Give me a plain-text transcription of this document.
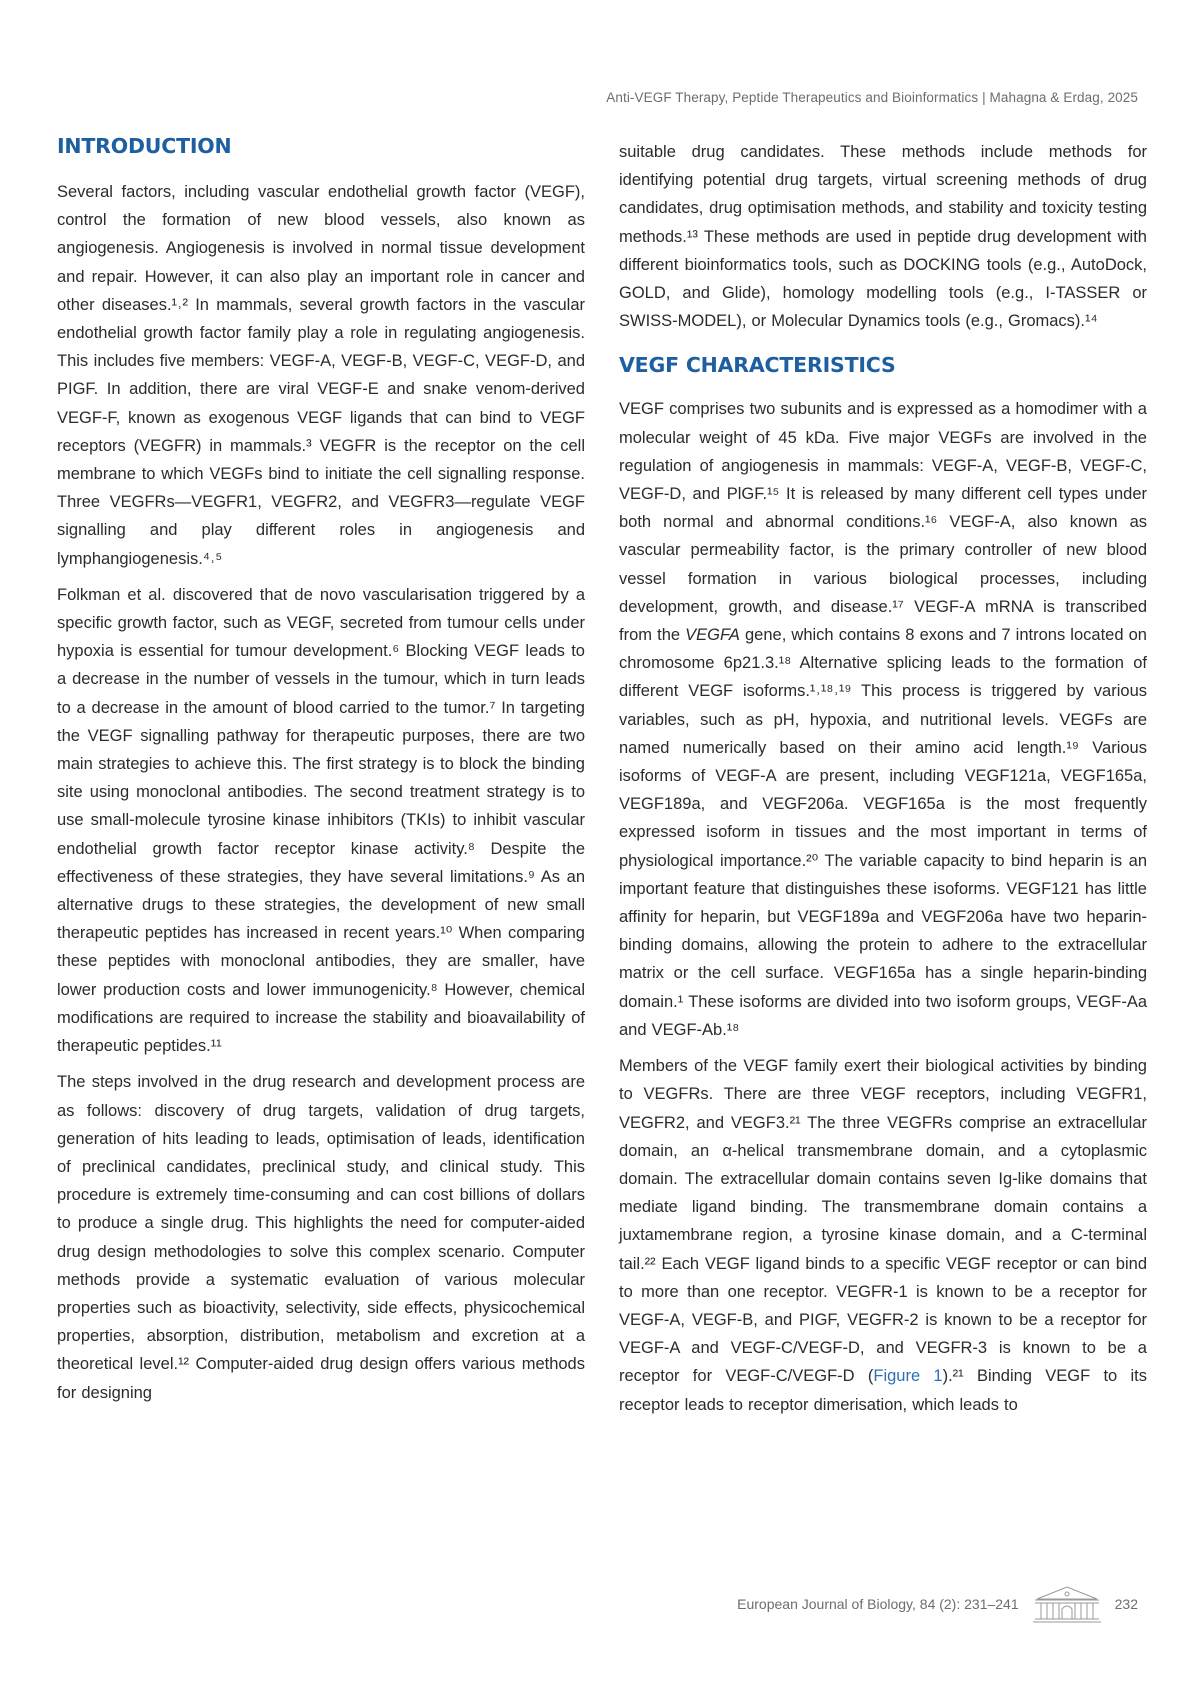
Anti-VEGF Therapy, Peptide Therapeutics and Bioinformatics | Mahagna & Erdag, 2025
INTRODUCTION

Several factors, including vascular endothelial growth factor (VEGF), control the formation of new blood vessels, also known as angiogenesis. Angiogenesis is involved in normal tissue development and repair. However, it can also play an important role in cancer and other diseases.¹˒² In mammals, several growth factors in the vascular endothelial growth factor family play a role in regulating angiogenesis. This includes five members: VEGF-A, VEGF-B, VEGF-C, VEGF-D, and PIGF. In addition, there are viral VEGF-E and snake venom-derived VEGF-F, known as exogenous VEGF ligands that can bind to VEGF receptors (VEGFR) in mammals.³ VEGFR is the receptor on the cell membrane to which VEGFs bind to initiate the cell signalling response. Three VEGFRs—VEGFR1, VEGFR2, and VEGFR3—regulate VEGF signalling and play different roles in angiogenesis and lymphangiogenesis.⁴˒⁵

Folkman et al. discovered that de novo vascularisation triggered by a specific growth factor, such as VEGF, secreted from tumour cells under hypoxia is essential for tumour development.⁶ Blocking VEGF leads to a decrease in the number of vessels in the tumour, which in turn leads to a decrease in the amount of blood carried to the tumor.⁷ In targeting the VEGF signalling pathway for therapeutic purposes, there are two main strategies to achieve this. The first strategy is to block the binding site using monoclonal antibodies. The second treatment strategy is to use small-molecule tyrosine kinase inhibitors (TKIs) to inhibit vascular endothelial growth factor receptor kinase activity.⁸ Despite the effectiveness of these strategies, they have several limitations.⁹ As an alternative drugs to these strategies, the development of new small therapeutic peptides has increased in recent years.¹⁰ When comparing these peptides with monoclonal antibodies, they are smaller, have lower production costs and lower immunogenicity.⁸ However, chemical modifications are required to increase the stability and bioavailability of therapeutic peptides.¹¹

The steps involved in the drug research and development process are as follows: discovery of drug targets, validation of drug targets, generation of hits leading to leads, optimisation of leads, identification of preclinical candidates, preclinical study, and clinical study. This procedure is extremely time-consuming and can cost billions of dollars to produce a single drug. This highlights the need for computer-aided drug design methodologies to solve this complex scenario. Computer methods provide a systematic evaluation of various molecular properties such as bioactivity, selectivity, side effects, physicochemical properties, absorption, distribution, metabolism and excretion at a theoretical level.¹² Computer-aided drug design offers various methods for designing

suitable drug candidates. These methods include methods for identifying potential drug targets, virtual screening methods of drug candidates, drug optimisation methods, and stability and toxicity testing methods.¹³ These methods are used in peptide drug development with different bioinformatics tools, such as DOCKING tools (e.g., AutoDock, GOLD, and Glide), homology modelling tools (e.g., I-TASSER or SWISS-MODEL), or Molecular Dynamics tools (e.g., Gromacs).¹⁴

VEGF CHARACTERISTICS

VEGF comprises two subunits and is expressed as a homodimer with a molecular weight of 45 kDa. Five major VEGFs are involved in the regulation of angiogenesis in mammals: VEGF-A, VEGF-B, VEGF-C, VEGF-D, and PlGF.¹⁵ It is released by many different cell types under both normal and abnormal conditions.¹⁶ VEGF-A, also known as vascular permeability factor, is the primary controller of new blood vessel formation in various biological processes, including development, growth, and disease.¹⁷ VEGF-A mRNA is transcribed from the VEGFA gene, which contains 8 exons and 7 introns located on chromosome 6p21.3.¹⁸ Alternative splicing leads to the formation of different VEGF isoforms.¹˒¹⁸˒¹⁹ This process is triggered by various variables, such as pH, hypoxia, and nutritional levels. VEGFs are named numerically based on their amino acid length.¹⁹ Various isoforms of VEGF-A are present, including VEGF121a, VEGF165a, VEGF189a, and VEGF206a. VEGF165a is the most frequently expressed isoform in tissues and the most important in terms of physiological importance.²⁰ The variable capacity to bind heparin is an important feature that distinguishes these isoforms. VEGF121 has little affinity for heparin, but VEGF189a and VEGF206a have two heparin-binding domains, allowing the protein to adhere to the extracellular matrix or the cell surface. VEGF165a has a single heparin-binding domain.¹ These isoforms are divided into two isoform groups, VEGF-Aa and VEGF-Ab.¹⁸

Members of the VEGF family exert their biological activities by binding to VEGFRs. There are three VEGF receptors, including VEGFR1, VEGFR2, and VEGF3.²¹ The three VEGFRs comprise an extracellular domain, an α-helical transmembrane domain, and a cytoplasmic domain. The extracellular domain contains seven Ig-like domains that mediate ligand binding. The transmembrane domain contains a juxtamembrane region, a tyrosine kinase domain, and a C-terminal tail.²² Each VEGF ligand binds to a specific VEGF receptor or can bind to more than one receptor. VEGFR-1 is known to be a receptor for VEGF-A, VEGF-B, and PIGF, VEGFR-2 is known to be a receptor for VEGF-A and VEGF-C/VEGF-D, and VEGFR-3 is known to be a receptor for VEGF-C/VEGF-D (Figure 1).²¹ Binding VEGF to its receptor leads to receptor dimerisation, which leads to

European Journal of Biology, 84 (2): 231–241	232
